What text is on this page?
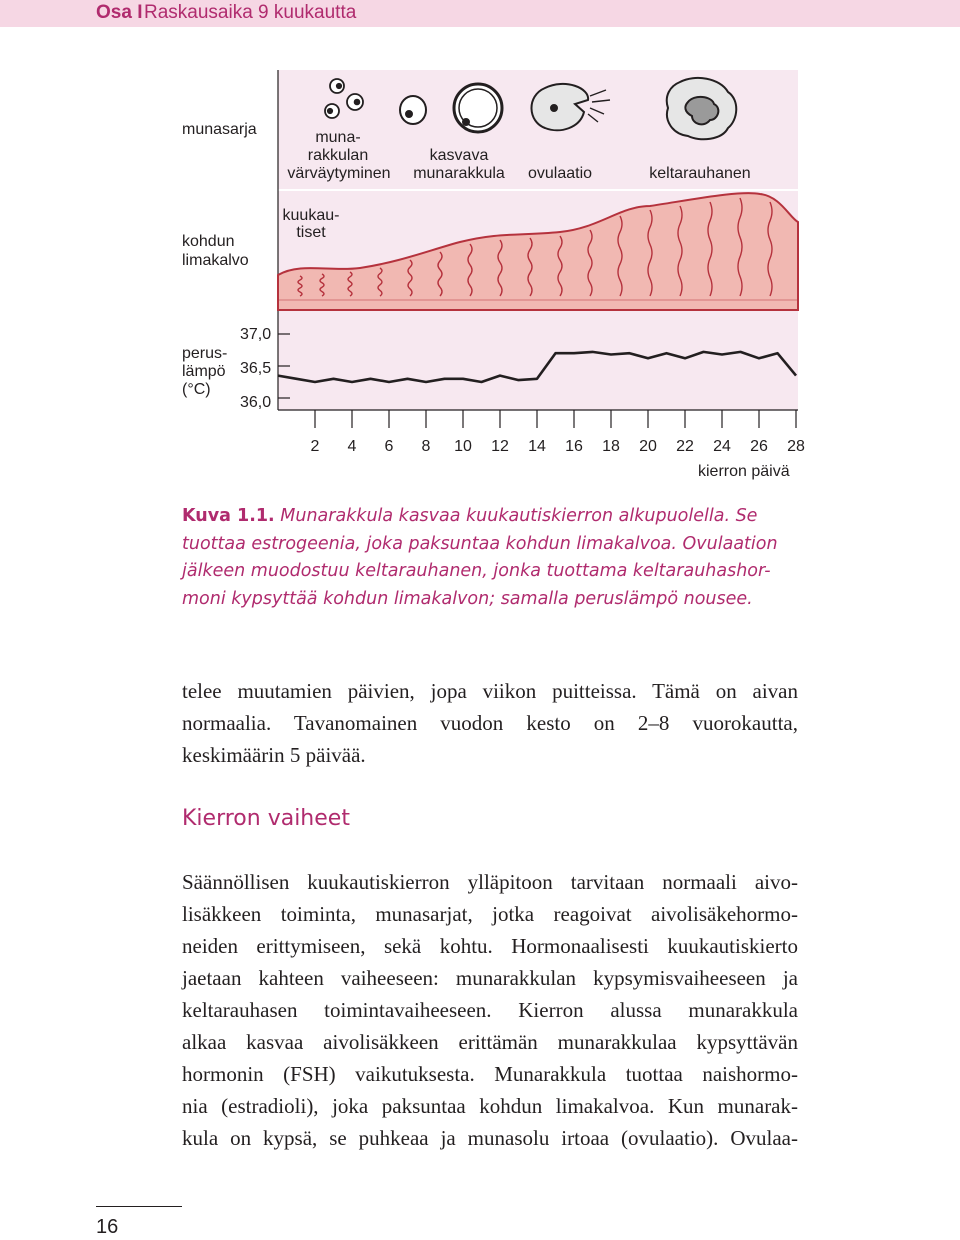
Osa I Raskausaika 9 kuukautta
munasarja
kohdun
limakalvo
perus-
lämpö
(°C)
muna-
rakkulan
värväytyminen
kasvava
munarakkula	ovulaatio	keltarauhanen
kuukau-
tiset
37,0
36,5
36,0
2	4	6	8	10	12	14	16	18	20	22	24	26	28
kierron päivä
Kuva 1.1. Munarakkula kasvaa kuukautiskierron alkupuolella. Se
tuottaa estrogeenia, joka paksuntaa kohdun limakalvoa. Ovulaation
jälkeen muodostuu keltarauhanen, jonka tuottama keltarauhashor-
moni kypsyttää kohdun limakalvon; samalla peruslämpö nousee.
telee muutamien päivien, jopa viikon puitteissa. Tämä on aivan
normaalia. Tavanomainen vuodon kesto on 2–8 vuorokautta,
keskimäärin 5 päivää.
Kierron vaiheet
Säännöllisen kuukautiskierron ylläpitoon tarvitaan normaali aivo-
lisäkkeen toiminta, munasarjat, jotka reagoivat aivolisäkehormo-
neiden erittymiseen, sekä kohtu. Hormonaalisesti kuukautiskierto
jaetaan kahteen vaiheeseen: munarakkulan kypsymisvaiheeseen ja
keltarauhasen toimintavaiheeseen. Kierron alussa munarakkula
alkaa kasvaa aivolisäkkeen erittämän munarakkulaa kypsyttävän
hormonin (FSH) vaikutuksesta. Munarakkula tuottaa naishormo-
nia (estradioli), joka paksuntaa kohdun limakalvoa. Kun munarak-
kula on kypsä, se puhkeaa ja munasolu irtoaa (ovulaatio). Ovulaa-
16
